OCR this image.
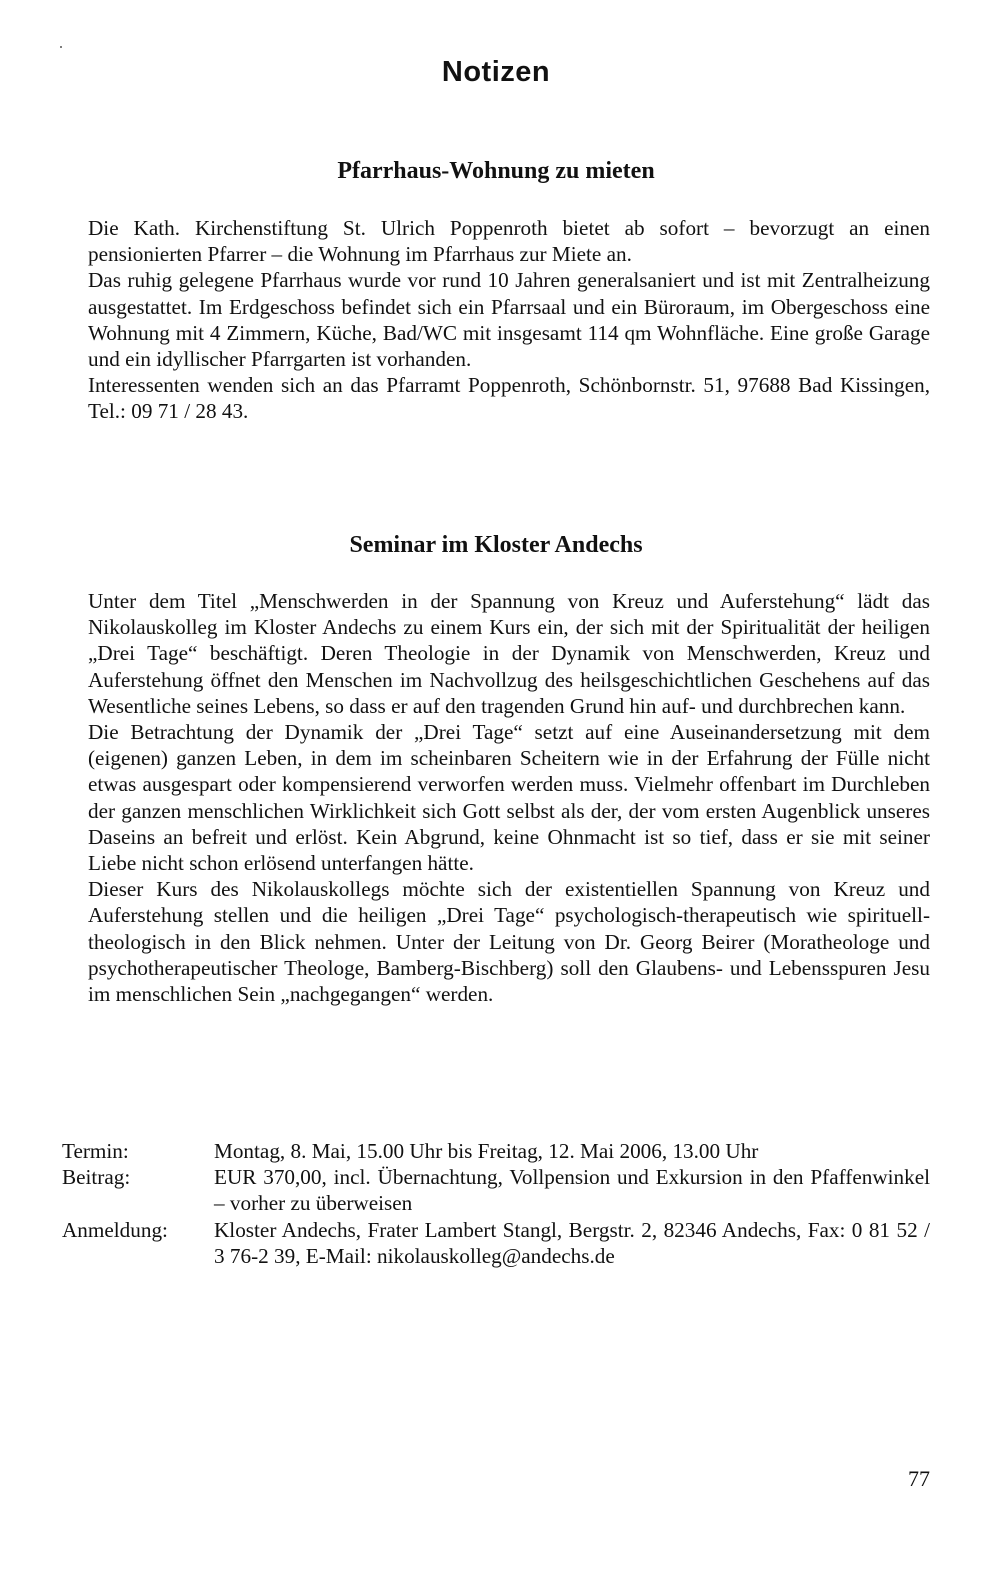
Notizen
Pfarrhaus-Wohnung zu mieten

Die Kath. Kirchenstiftung St. Ulrich Poppenroth bietet ab sofort – bevorzugt an einen pensionierten Pfarrer – die Wohnung im Pfarrhaus zur Miete an.

Das ruhig gelegene Pfarrhaus wurde vor rund 10 Jahren generalsaniert und ist mit Zentralheizung ausgestattet. Im Erdgeschoss befindet sich ein Pfarrsaal und ein Büroraum, im Obergeschoss eine Wohnung mit 4 Zimmern, Küche, Bad/WC mit insgesamt 114 qm Wohnfläche. Eine große Garage und ein idyllischer Pfarrgarten ist vorhanden.

Interessenten wenden sich an das Pfarramt Poppenroth, Schönbornstr. 51, 97688 Bad Kissingen, Tel.: 09 71 / 28 43.

Seminar im Kloster Andechs

Unter dem Titel „Menschwerden in der Spannung von Kreuz und Auferstehung“ lädt das Nikolauskolleg im Kloster Andechs zu einem Kurs ein, der sich mit der Spiritualität der heiligen „Drei Tage“ beschäftigt. Deren Theologie in der Dynamik von Menschwerden, Kreuz und Auferstehung öffnet den Menschen im Nachvollzug des heilsgeschichtlichen Geschehens auf das Wesentliche seines Lebens, so dass er auf den tragenden Grund hin auf- und durchbrechen kann.

Die Betrachtung der Dynamik der „Drei Tage“ setzt auf eine Auseinandersetzung mit dem (eigenen) ganzen Leben, in dem im scheinbaren Scheitern wie in der Erfahrung der Fülle nicht etwas ausgespart oder kompensierend verworfen werden muss. Vielmehr offenbart im Durchleben der ganzen menschlichen Wirklichkeit sich Gott selbst als der, der vom ersten Augenblick unseres Daseins an befreit und erlöst. Kein Abgrund, keine Ohnmacht ist so tief, dass er sie mit seiner Liebe nicht schon erlösend unterfangen hätte.

Dieser Kurs des Nikolauskollegs möchte sich der existentiellen Spannung von Kreuz und Auferstehung stellen und die heiligen „Drei Tage“ psychologisch-therapeutisch wie spirituell-theologisch in den Blick nehmen. Unter der Leitung von Dr. Georg Beirer (Moratheologe und psychotherapeutischer Theologe, Bamberg-Bischberg) soll den Glaubens- und Lebensspuren Jesu im menschlichen Sein „nachgegangen“ werden.

Termin:	Montag, 8. Mai, 15.00 Uhr bis Freitag, 12. Mai 2006, 13.00 Uhr
Beitrag:	EUR 370,00, incl. Übernachtung, Vollpension und Exkursion in den Pfaffenwinkel – vorher zu überweisen
Anmeldung:	Kloster Andechs, Frater Lambert Stangl, Bergstr. 2, 82346 Andechs, Fax: 0 81 52 / 3 76-2 39, E-Mail: nikolauskolleg@andechs.de
77
